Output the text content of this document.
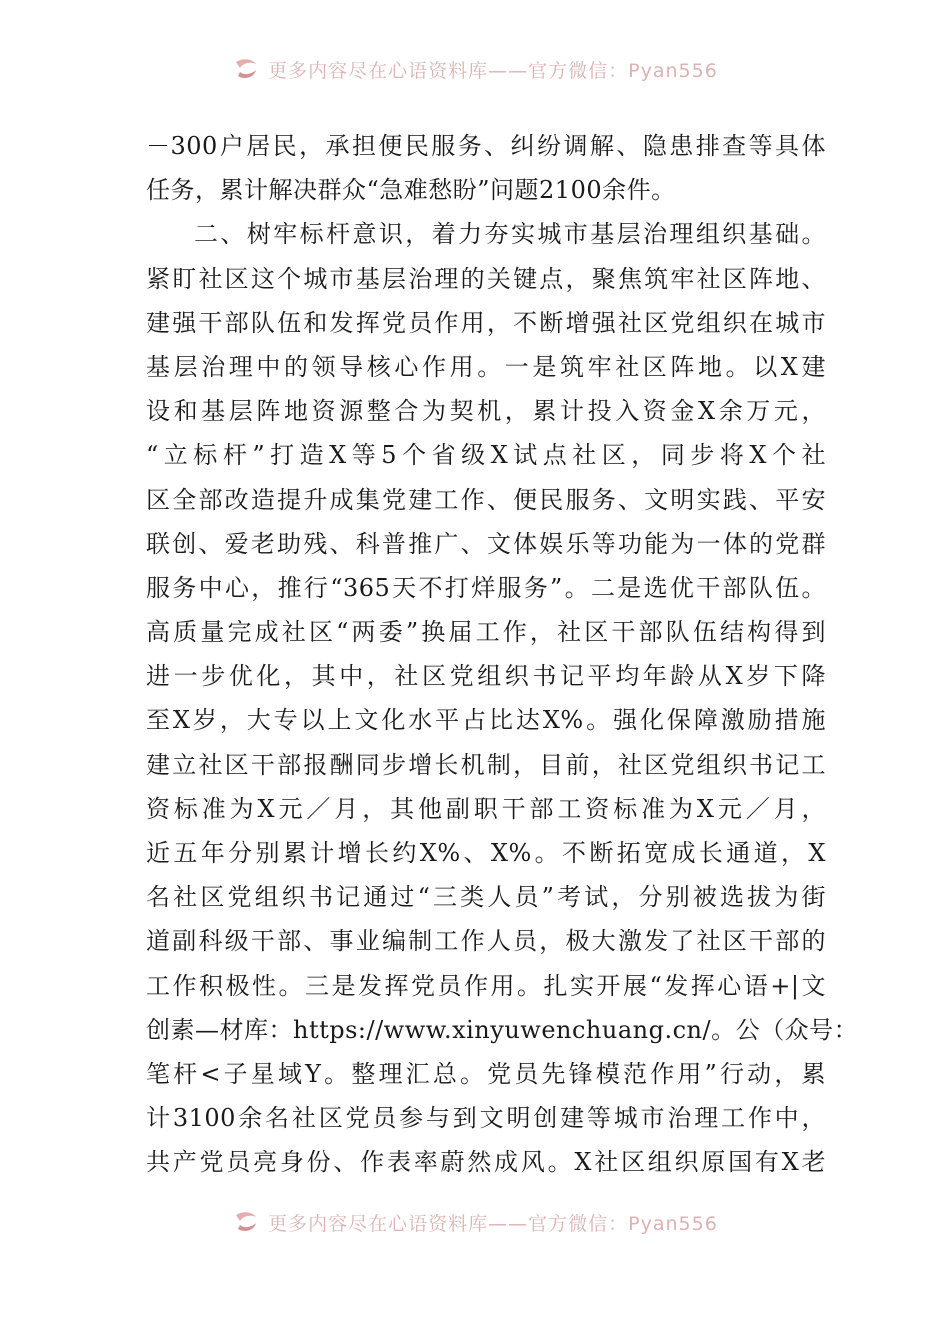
更多内容尽在心语资料库——官方微信：Pyan556
－300户居民，承担便民服务、纠纷调解、隐患排查等具体
任务，累计解决群众“急难愁盼”问题2100余件。
二、树牢标杆意识，着力夯实城市基层治理组织基础。
紧盯社区这个城市基层治理的关键点，聚焦筑牢社区阵地、
建强干部队伍和发挥党员作用，不断增强社区党组织在城市
基层治理中的领导核心作用。一是筑牢社区阵地。以X建
设和基层阵地资源整合为契机，累计投入资金X余万元，
“立标杆”打造X等5个省级X试点社区，同步将X个社
区全部改造提升成集党建工作、便民服务、文明实践、平安
联创、爱老助残、科普推广、文体娱乐等功能为一体的党群
服务中心，推行“365天不打烊服务”。二是选优干部队伍。
高质量完成社区“两委”换届工作，社区干部队伍结构得到
进一步优化，其中，社区党组织书记平均年龄从X岁下降
至X岁，大专以上文化水平占比达X%。强化保障激励措施
建立社区干部报酬同步增长机制，目前，社区党组织书记工
资标准为X元／月，其他副职干部工资标准为X元／月，
近五年分别累计增长约X%、X%。不断拓宽成长通道，X
名社区党组织书记通过“三类人员”考试，分别被选拔为街
道副科级干部、事业编制工作人员，极大激发了社区干部的
工作积极性。三是发挥党员作用。扎实开展“发挥心语+|文
创素—材库：https://www.xinyuwenchuang.cn/。公（众号：
笔杆<子星域Y。整理汇总。党员先锋模范作用”行动，累
计3100余名社区党员参与到文明创建等城市治理工作中，
共产党员亮身份、作表率蔚然成风。X社区组织原国有X老
更多内容尽在心语资料库——官方微信：Pyan556
